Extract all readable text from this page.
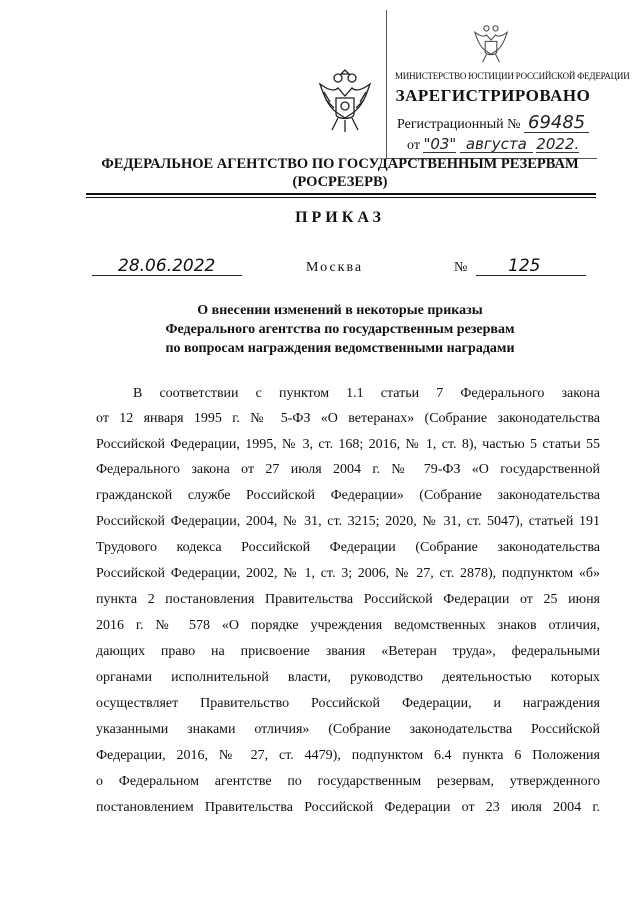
МИНИСТЕРСТВО ЮСТИЦИИ РОССИЙСКОЙ ФЕДЕРАЦИИ
ЗАРЕГИСТРИРОВАНО
Регистрационный № 69485
от "03" августа 2022.
ФЕДЕРАЛЬНОЕ АГЕНТСТВО ПО ГОСУДАРСТВЕННЫМ РЕЗЕРВАМ
(РОСРЕЗЕРВ)
ПРИКАЗ
28.06.2022	Москва	№	125
О внесении изменений в некоторые приказы
Федерального агентства по государственным резервам
по вопросам награждения ведомственными наградами
В соответствии с пунктом 1.1 статьи 7 Федерального закона
от 12 января 1995 г. № 5-ФЗ «О ветеранах» (Собрание законодательства
Российской Федерации, 1995, № 3, ст. 168; 2016, № 1, ст. 8), частью 5 статьи 55
Федерального закона от 27 июля 2004 г. № 79-ФЗ «О государственной
гражданской службе Российской Федерации» (Собрание законодательства
Российской Федерации, 2004, № 31, ст. 3215; 2020, № 31, ст. 5047), статьей 191
Трудового кодекса Российской Федерации (Собрание законодательства
Российской Федерации, 2002, № 1, ст. 3; 2006, № 27, ст. 2878), подпунктом «б»
пункта 2 постановления Правительства Российской Федерации от 25 июня
2016 г. № 578 «О порядке учреждения ведомственных знаков отличия,
дающих право на присвоение звания «Ветеран труда», федеральными
органами исполнительной власти, руководство деятельностью которых
осуществляет Правительство Российской Федерации, и награждения
указанными знаками отличия» (Собрание законодательства Российской
Федерации, 2016, № 27, ст. 4479), подпунктом 6.4 пункта 6 Положения
о Федеральном агентстве по государственным резервам, утвержденного
постановлением Правительства Российской Федерации от 23 июля 2004 г.
